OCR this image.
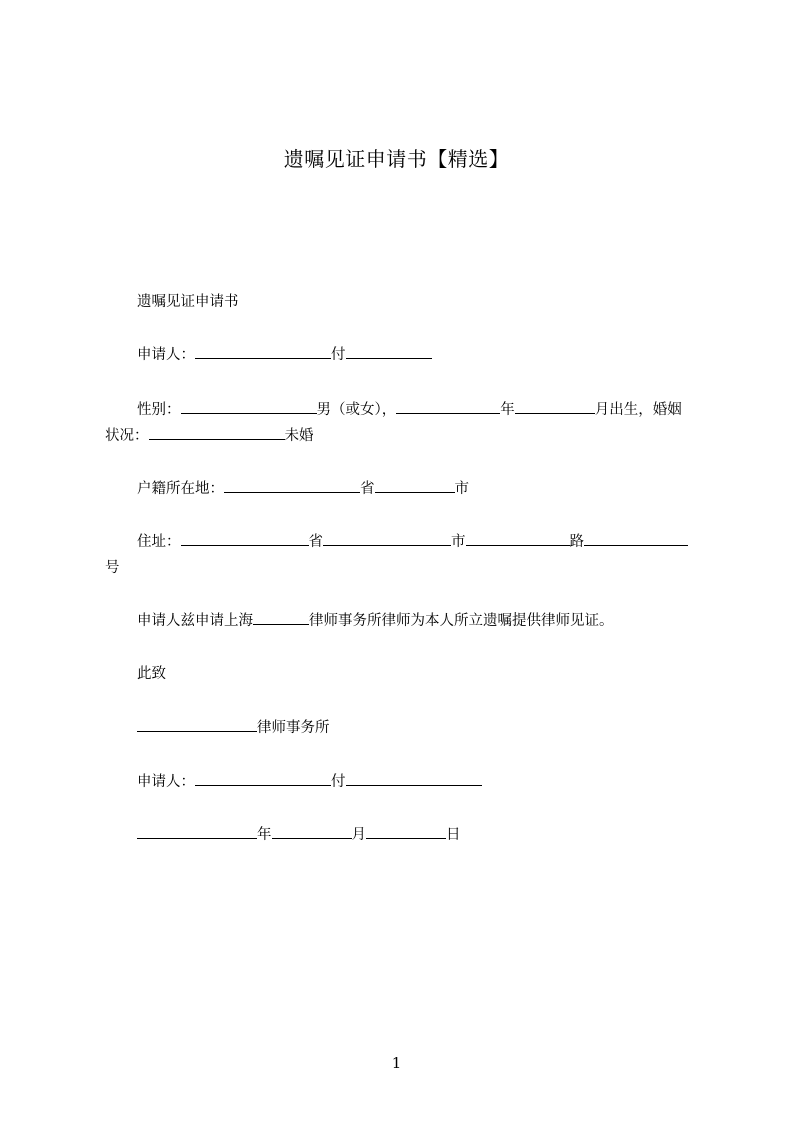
遗嘱见证申请书【精选】
遗嘱见证申请书
申请人：	付
性别：	男（或女），	年	月出生，婚姻
状况：	未婚
户籍所在地：	省	市
住址：	省	市	路
号
申请人兹申请上海	律师事务所律师为本人所立遗嘱提供律师见证。
此致
律师事务所
申请人：	付
年	月	日
1
